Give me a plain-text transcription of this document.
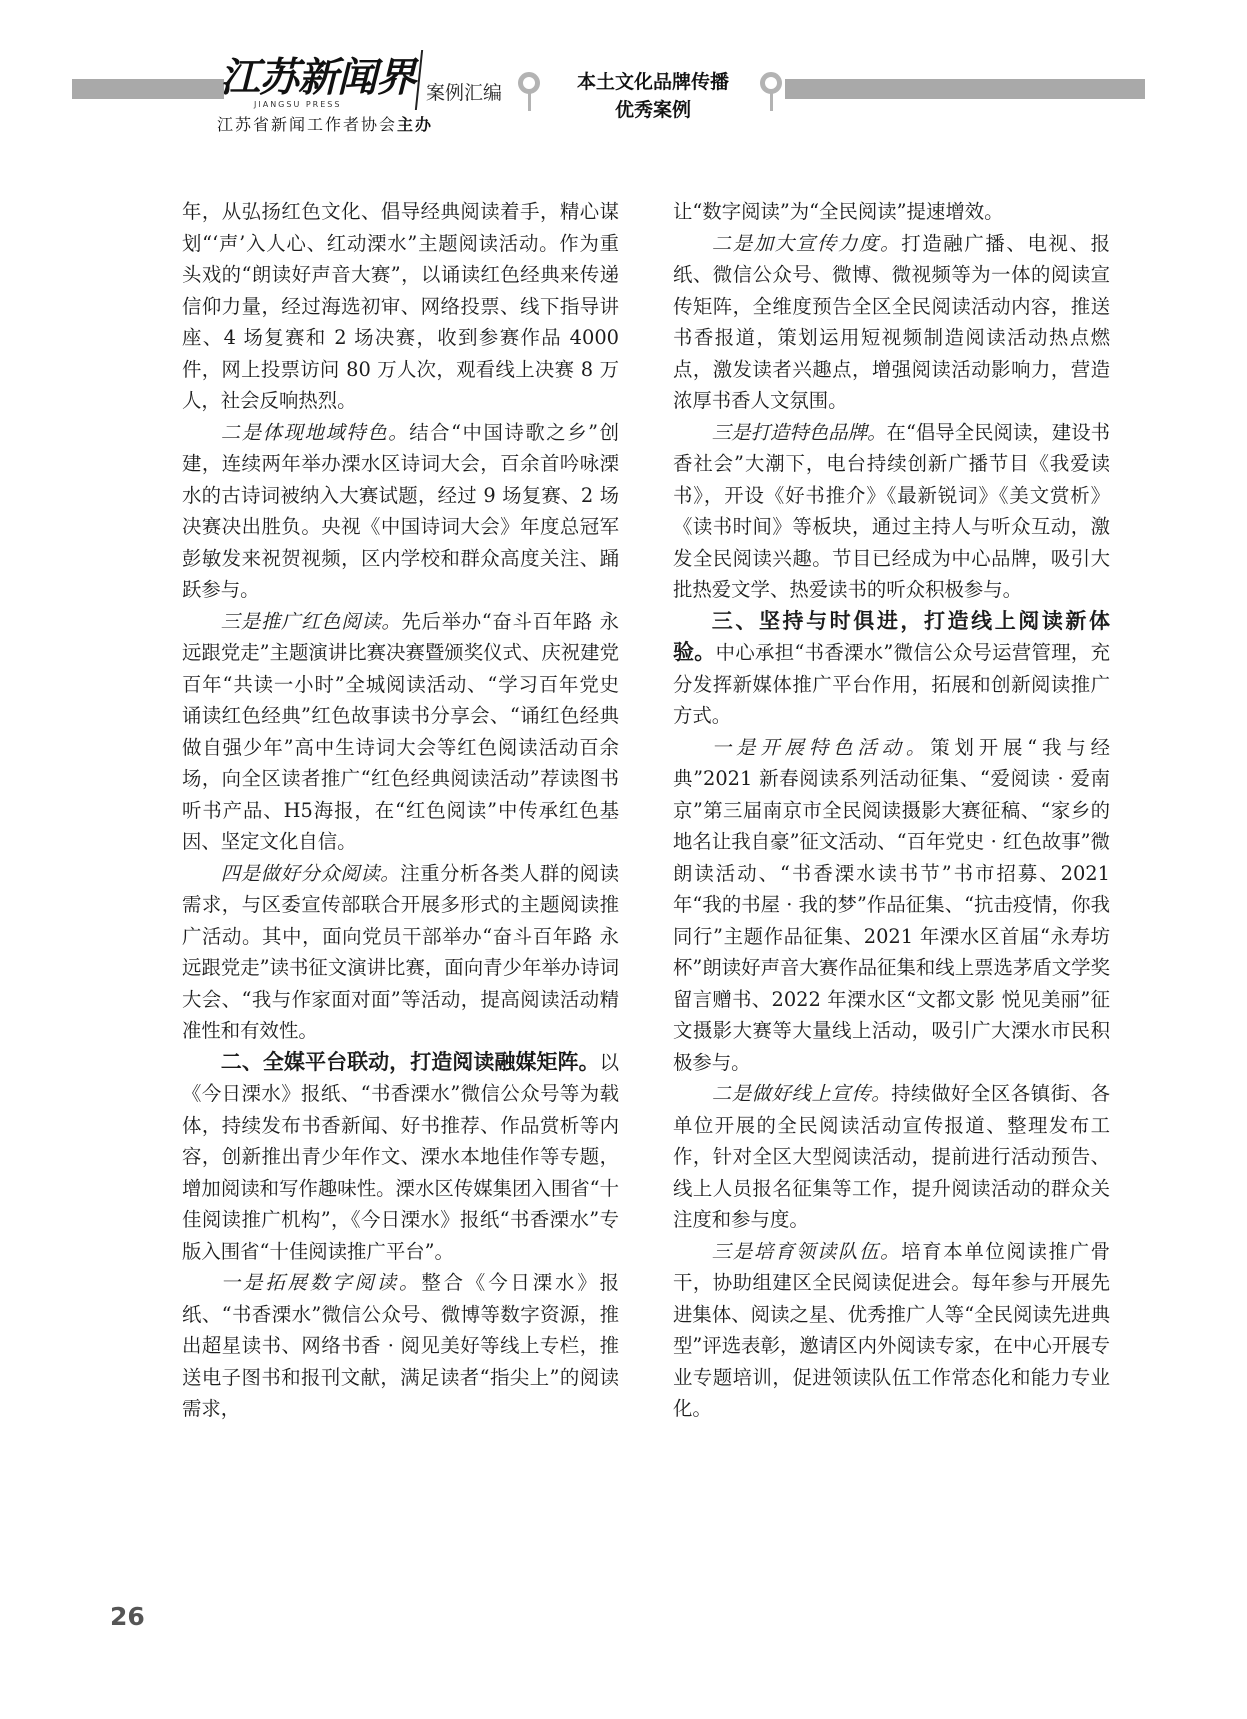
江苏新闻界
JIANGSU PRESS
案例汇编
江苏省新闻工作者协会主办
本土文化品牌传播
优秀案例

年，从弘扬红色文化、倡导经典阅读着手，精心谋划“‘声’入人心、红动溧水”主题阅读活动。作为重头戏的“朗读好声音大赛”，以诵读红色经典来传递信仰力量，经过海选初审、网络投票、线下指导讲座、4 场复赛和 2 场决赛，收到参赛作品 4000 件，网上投票访问 80 万人次，观看线上决赛 8 万人，社会反响热烈。

二是体现地域特色。结合“中国诗歌之乡”创建，连续两年举办溧水区诗词大会，百余首吟咏溧水的古诗词被纳入大赛试题，经过 9 场复赛、2 场决赛决出胜负。央视《中国诗词大会》年度总冠军彭敏发来祝贺视频，区内学校和群众高度关注、踊跃参与。

三是推广红色阅读。先后举办“奋斗百年路 永远跟党走”主题演讲比赛决赛暨颁奖仪式、庆祝建党百年“共读一小时”全城阅读活动、“学习百年党史 诵读红色经典”红色故事读书分享会、“诵红色经典 做自强少年”高中生诗词大会等红色阅读活动百余场，向全区读者推广“红色经典阅读活动”荐读图书听书产品、H5海报，在“红色阅读”中传承红色基因、坚定文化自信。

四是做好分众阅读。注重分析各类人群的阅读需求，与区委宣传部联合开展多形式的主题阅读推广活动。其中，面向党员干部举办“奋斗百年路 永远跟党走”读书征文演讲比赛，面向青少年举办诗词大会、“我与作家面对面”等活动，提高阅读活动精准性和有效性。

二、全媒平台联动，打造阅读融媒矩阵。以《今日溧水》报纸、“书香溧水”微信公众号等为载体，持续发布书香新闻、好书推荐、作品赏析等内容，创新推出青少年作文、溧水本地佳作等专题，增加阅读和写作趣味性。溧水区传媒集团入围省“十佳阅读推广机构”，《今日溧水》报纸“书香溧水”专版入围省“十佳阅读推广平台”。

一是拓展数字阅读。整合《今日溧水》报纸、“书香溧水”微信公众号、微博等数字资源，推出超星读书、网络书香 · 阅见美好等线上专栏，推送电子图书和报刊文献，满足读者“指尖上”的阅读需求，

让“数字阅读”为“全民阅读”提速增效。

二是加大宣传力度。打造融广播、电视、报纸、微信公众号、微博、微视频等为一体的阅读宣传矩阵，全维度预告全区全民阅读活动内容，推送书香报道，策划运用短视频制造阅读活动热点燃点，激发读者兴趣点，增强阅读活动影响力，营造浓厚书香人文氛围。

三是打造特色品牌。在“倡导全民阅读，建设书香社会”大潮下，电台持续创新广播节目《我爱读书》，开设《好书推介》《最新锐词》《美文赏析》《读书时间》等板块，通过主持人与听众互动，激发全民阅读兴趣。节目已经成为中心品牌，吸引大批热爱文学、热爱读书的听众积极参与。

三、坚持与时俱进，打造线上阅读新体验。中心承担“书香溧水”微信公众号运营管理，充分发挥新媒体推广平台作用，拓展和创新阅读推广方式。

一是开展特色活动。策划开展“我与经典”2021 新春阅读系列活动征集、“爱阅读 · 爱南京”第三届南京市全民阅读摄影大赛征稿、“家乡的地名让我自豪”征文活动、“百年党史 · 红色故事”微朗读活动、“书香溧水读书节”书市招募、2021 年“我的书屋 · 我的梦”作品征集、“抗击疫情，你我同行”主题作品征集、2021 年溧水区首届“永寿坊杯”朗读好声音大赛作品征集和线上票选茅盾文学奖留言赠书、2022 年溧水区“文都文影 悦见美丽”征文摄影大赛等大量线上活动，吸引广大溧水市民积极参与。

二是做好线上宣传。持续做好全区各镇街、各单位开展的全民阅读活动宣传报道、整理发布工作，针对全区大型阅读活动，提前进行活动预告、线上人员报名征集等工作，提升阅读活动的群众关注度和参与度。

三是培育领读队伍。培育本单位阅读推广骨干，协助组建区全民阅读促进会。每年参与开展先进集体、阅读之星、优秀推广人等“全民阅读先进典型”评选表彰，邀请区内外阅读专家，在中心开展专业专题培训，促进领读队伍工作常态化和能力专业化。

26
